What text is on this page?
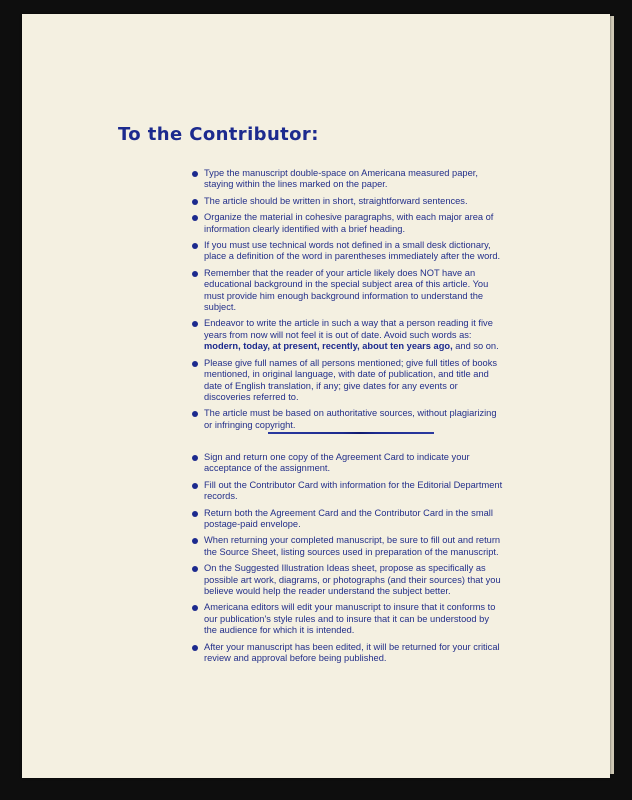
To the Contributor:
Type the manuscript double-space on Americana measured paper, staying within the lines marked on the paper.
The article should be written in short, straightforward sentences.
Organize the material in cohesive paragraphs, with each major area of information clearly identified with a brief heading.
If you must use technical words not defined in a small desk dictionary, place a definition of the word in parentheses immediately after the word.
Remember that the reader of your article likely does NOT have an educational background in the special subject area of this article. You must provide him enough background information to understand the subject.
Endeavor to write the article in such a way that a person reading it five years from now will not feel it is out of date. Avoid such words as: modern, today, at present, recently, about ten years ago, and so on.
Please give full names of all persons mentioned; give full titles of books mentioned, in original language, with date of publication, and title and date of English translation, if any; give dates for any events or discoveries referred to.
The article must be based on authoritative sources, without plagiarizing or infringing copyright.
Sign and return one copy of the Agreement Card to indicate your acceptance of the assignment.
Fill out the Contributor Card with information for the Editorial Department records.
Return both the Agreement Card and the Contributor Card in the small postage-paid envelope.
When returning your completed manuscript, be sure to fill out and return the Source Sheet, listing sources used in preparation of the manuscript.
On the Suggested Illustration Ideas sheet, propose as specifically as possible art work, diagrams, or photographs (and their sources) that you believe would help the reader understand the subject better.
Americana editors will edit your manuscript to insure that it conforms to our publication's style rules and to insure that it can be understood by the audience for which it is intended.
After your manuscript has been edited, it will be returned for your critical review and approval before being published.
